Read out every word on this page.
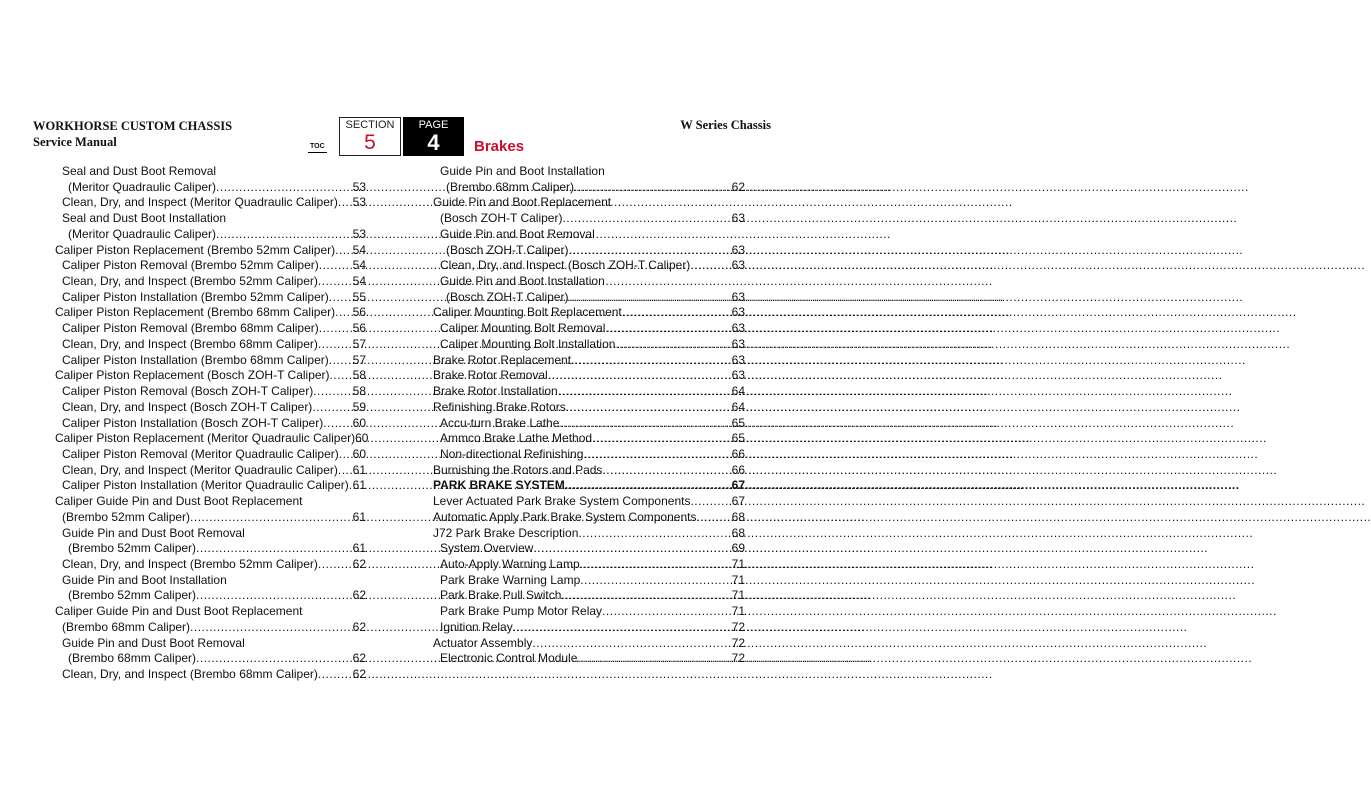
WORKHORSE CUSTOM CHASSIS
Service Manual	TOC
SECTION
5
PAGE
4	Brakes
W Series Chassis
Seal and Dust Boot Removal
(Meritor Quadraulic Caliper) .....	53
Clean, Dry, and Inspect (Meritor Quadraulic Caliper) ..... 53
Seal and Dust Boot Installation
(Meritor Quadraulic Caliper) .....	53
Caliper Piston Replacement (Brembo 52mm Caliper) ..... 54
Caliper Piston Removal (Brembo 52mm Caliper) .....	54
Clean, Dry, and Inspect (Brembo 52mm Caliper) .....	54
Caliper Piston Installation (Brembo 52mm Caliper) ..... 55
Caliper Piston Replacement (Brembo 68mm Caliper) ..... 56
Caliper Piston Removal (Brembo 68mm Caliper) .....	56
Clean, Dry, and Inspect (Brembo 68mm Caliper) .....	57
Caliper Piston Installation (Brembo 68mm Caliper) ..... 57
Caliper Piston Replacement (Bosch ZOH-T Caliper) ..... 58
Caliper Piston Removal (Bosch ZOH-T Caliper) .....	58
Clean, Dry, and Inspect (Bosch ZOH-T Caliper) .....	59
Caliper Piston Installation (Bosch ZOH-T Caliper) ..... 60
Caliper Piston Replacement (Meritor Quadraulic Caliper) 60
Caliper Piston Removal (Meritor Quadraulic Caliper) ..... 60
Clean, Dry, and Inspect (Meritor Quadraulic Caliper) ..... 61
Caliper Piston Installation (Meritor Quadraulic Caliper) ..... 61
Caliper Guide Pin and Dust Boot Replacement
(Brembo 52mm Caliper) .....	61
Guide Pin and Dust Boot Removal
(Brembo 52mm Caliper) .....	61
Clean, Dry, and Inspect (Brembo 52mm Caliper) .....	62
Guide Pin and Boot Installation
(Brembo 52mm Caliper) .....	62
Caliper Guide Pin and Dust Boot Replacement
(Brembo 68mm Caliper) .....	62
Guide Pin and Dust Boot Removal
(Brembo 68mm Caliper) .....	62
Clean, Dry, and Inspect (Brembo 68mm Caliper) .....	62
Guide Pin and Boot Installation
(Brembo 68mm Caliper) .....	62
Guide Pin and Boot Replacement
(Bosch ZOH-T Caliper) .....	63
Guide Pin and Boot Removal
(Bosch ZOH-T Caliper) .....	63
Clean, Dry, and Inspect (Bosch ZOH-T Caliper) .....	63
Guide Pin and Boot Installation
(Bosch ZOH-T Caliper) .....	63
Caliper Mounting Bolt Replacement .....	63
Caliper Mounting Bolt Removal .....	63
Caliper Mounting Bolt Installation .....	63
Brake Rotor Replacement .....	63
Brake Rotor Removal .....	63
Brake Rotor Installation .....	64
Refinishing Brake Rotors .....	64
Accu-turn Brake Lathe .....	65
Ammco Brake Lathe Method .....	65
Non-directional Refinishing .....	66
Burnishing the Rotors and Pads .....	66
PARK BRAKE SYSTEM .....	67
Lever Actuated Park Brake System Components .....	67
Automatic Apply Park Brake System Components .....	68
J72 Park Brake Description .....	68
System Overview .....	69
Auto-Apply Warning Lamp .....	71
Park Brake Warning Lamp .....	71
Park Brake Pull Switch .....	71
Park Brake Pump Motor Relay .....	71
Ignition Relay .....	72
Actuator Assembly .....	72
Electronic Control Module .....	72
